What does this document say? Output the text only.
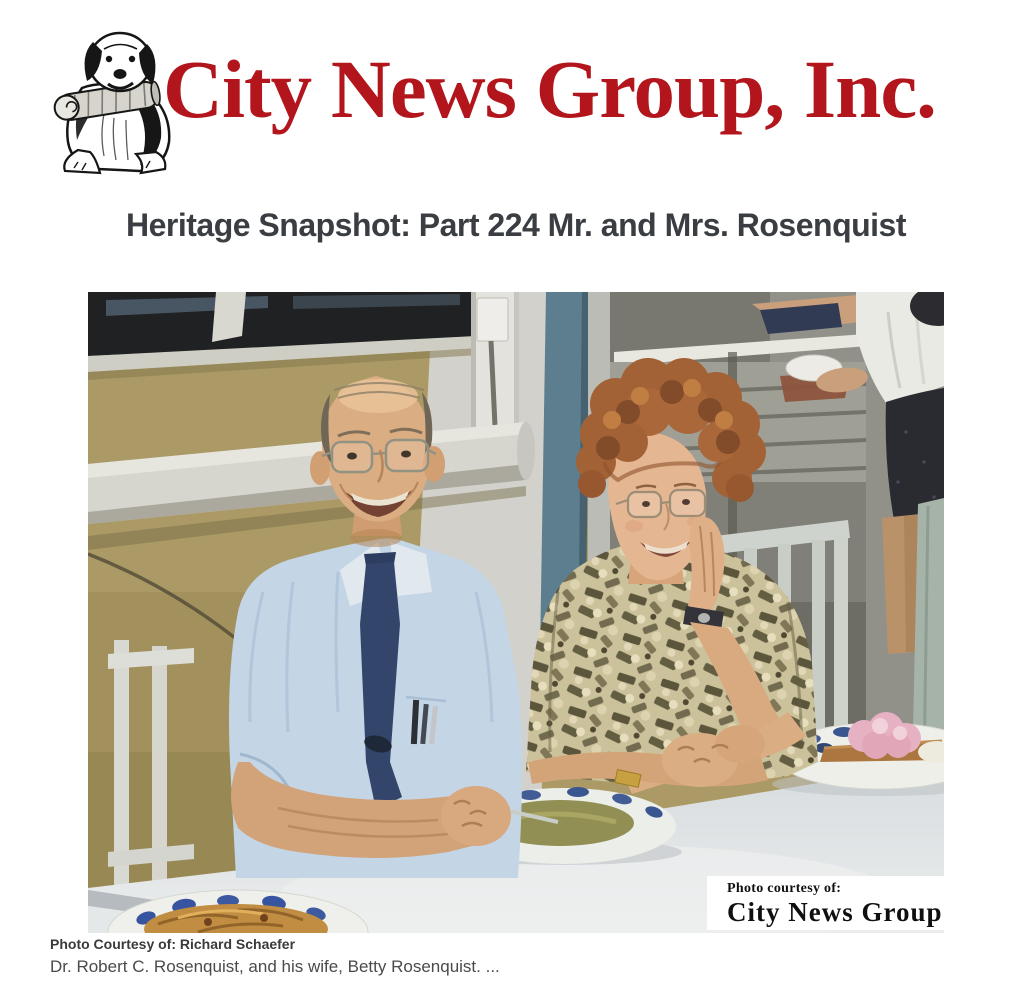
City News Group, Inc.
Heritage Snapshot: Part 224 Mr. and Mrs. Rosenquist
Photo courtesy of:
City News Group
Photo Courtesy of: Richard Schaefer
Dr. Robert C. Rosenquist, and his wife, Betty Rosenquist. ...
